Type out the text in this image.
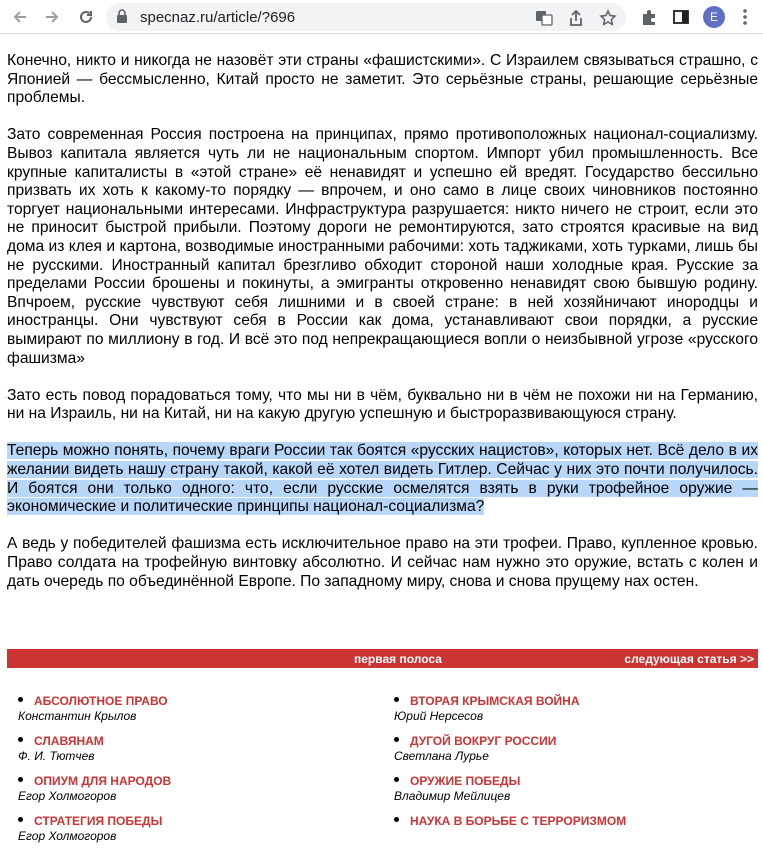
specnaz.ru/article/?696	E

Конечно, никто и никогда не назовёт эти страны «фашистскими». С Израилем связываться страшно, с Японией — бессмысленно, Китай просто не заметит. Это серьёзные страны, решающие серьёзные проблемы.

Зато современная Россия построена на принципах, прямо противоположных национал-социализму. Вывоз капитала является чуть ли не национальным спортом. Импорт убил промышленность. Все крупные капиталисты в «этой стране» её ненавидят и успешно ей вредят. Государство бессильно призвать их хоть к какому-то порядку — впрочем, и оно само в лице своих чиновников постоянно торгует национальными интересами. Инфраструктура разрушается: никто ничего не строит, если это не приносит быстрой прибыли. Поэтому дороги не ремонтируются, зато строятся красивые на вид дома из клея и картона, возводимые иностранными рабочими: хоть таджиками, хоть турками, лишь бы не русскими. Иностранный капитал брезгливо обходит стороной наши холодные края. Русские за пределами России брошены и покинуты, а эмигранты откровенно ненавидят свою бывшую родину. Впчроем, русские чувствуют себя лишними и в своей стране: в ней хозяйничают инородцы и иностранцы. Они чувствуют себя в России как дома, устанавливают свои порядки, а русские вымирают по миллиону в год. И всё это под непрекращающиеся вопли о неизбывной угрозе «русского фашизма»

Зато есть повод порадоваться тому, что мы ни в чём, буквально ни в чём не похожи ни на Германию, ни на Израиль, ни на Китай, ни на какую другую успешную и быстроразвивающуюся страну.

Теперь можно понять, почему враги России так боятся «русских нацистов», которых нет. Всё дело в их желании видеть нашу страну такой, какой её хотел видеть Гитлер. Сейчас у них это почти получилось. И боятся они только одного: что, если русские осмелятся взять в руки трофейное оружие — экономические и политические принципы национал-социализма?

А ведь у победителей фашизма есть исключительное право на эти трофеи. Право, купленное кровью. Право солдата на трофейную винтовку абсолютно. И сейчас нам нужно это оружие, встать с колен и дать очередь по объединённой Европе. По западному миру, снова и снова прущему нах остен.

первая полоса	следующая статья >>
АБСОЛЮТНОЕ ПРАВО
Константин Крылов
ВТОРАЯ КРЫМСКАЯ ВОЙНА
Юрий Нерсесов
СЛАВЯНАМ
Ф. И. Тютчев
ДУГОЙ ВОКРУГ РОССИИ
Светлана Лурье
ОПИУМ ДЛЯ НАРОДОВ
Егор Холмогоров
ОРУЖИЕ ПОБЕДЫ
Владимир Мейлицев
СТРАТЕГИЯ ПОБЕДЫ
Егор Холмогоров
НАУКА В БОРЬБЕ С ТЕРРОРИЗМОМ
